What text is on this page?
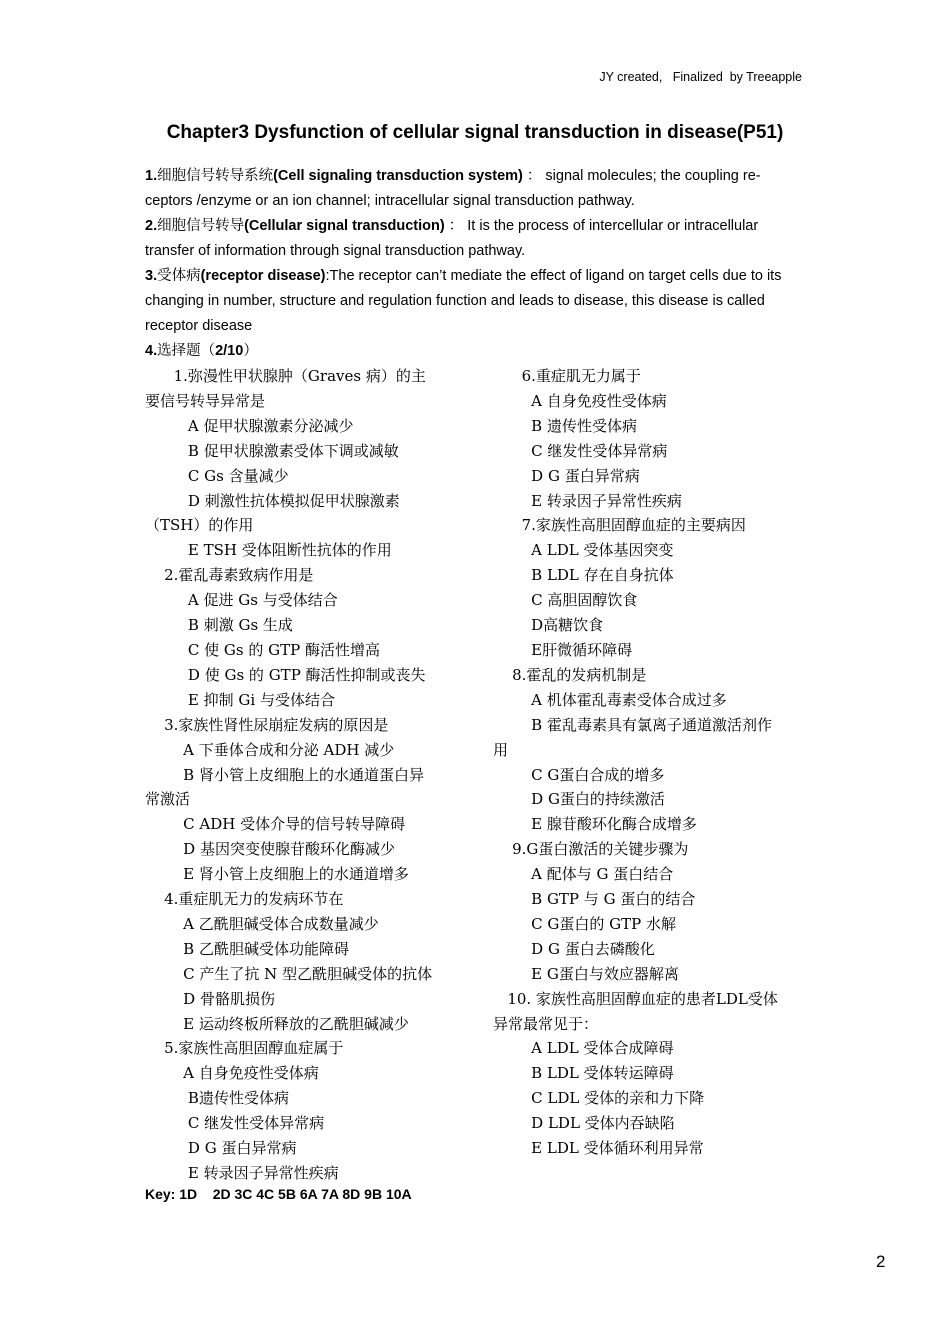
JY created,   Finalized  by Treeapple
Chapter3 Dysfunction of cellular signal transduction in disease(P51)
1.细胞信号转导系统(Cell signaling transduction system) ： signal molecules; the coupling re-ceptors /enzyme or an ion channel; intracellular signal transduction pathway.
2.细胞信号转导(Cellular signal transduction) ： It is the process of intercellular or intracellular transfer of information through signal transduction pathway.
3.受体病(receptor disease):The receptor can’t mediate the effect of ligand on target cells due to its changing in number, structure and regulation function and leads to disease, this disease is called receptor disease
4.选择题（2/10）
1.弥漫性甲状腺肿（Graves 病）的主
要信号转导异常是
A 促甲状腺激素分泌减少
B 促甲状腺激素受体下调或减敏
C Gs 含量减少
D 刺激性抗体模拟促甲状腺激素
（TSH）的作用
E TSH 受体阻断性抗体的作用
2.霍乱毒素致病作用是
A 促进 Gs 与受体结合
B 刺激 Gs 生成
C 使 Gs 的 GTP 酶活性增高
D 使 Gs 的 GTP 酶活性抑制或丧失
E 抑制 Gi 与受体结合
3.家族性肾性尿崩症发病的原因是
A 下垂体合成和分泌 ADH 减少
B 肾小管上皮细胞上的水通道蛋白异
常激活
C ADH 受体介导的信号转导障碍
D 基因突变使腺苷酸环化酶减少
E 肾小管上皮细胞上的水通道增多
4.重症肌无力的发病环节在
A 乙酰胆碱受体合成数量减少
B 乙酰胆碱受体功能障碍
C 产生了抗 N 型乙酰胆碱受体的抗体
D 骨骼肌损伤
E 运动终板所释放的乙酰胆碱减少
5.家族性高胆固醇血症属于
A 自身免疫性受体病
B遗传性受体病
C 继发性受体异常病
D G 蛋白异常病
E 转录因子异常性疾病
6.重症肌无力属于
A 自身免疫性受体病
B 遗传性受体病
C 继发性受体异常病
D G 蛋白异常病
E 转录因子异常性疾病
7.家族性高胆固醇血症的主要病因
A LDL 受体基因突变
B LDL 存在自身抗体
C 高胆固醇饮食
D高糖饮食
E肝微循环障碍
8.霍乱的发病机制是
A 机体霍乱毒素受体合成过多
B 霍乱毒素具有氯离子通道激活剂作
用
C G蛋白合成的增多
D G蛋白的持续激活
E 腺苷酸环化酶合成增多
9.G蛋白激活的关键步骤为
A 配体与 G 蛋白结合
B GTP 与 G 蛋白的结合
C G蛋白的 GTP 水解
D G 蛋白去磷酸化
E G蛋白与效应器解离
10. 家族性高胆固醇血症的患者LDL受体
异常最常见于：
A LDL 受体合成障碍
B LDL 受体转运障碍
C LDL 受体的亲和力下降
D LDL 受体内吞缺陷
E LDL 受体循环利用异常
Key: 1D    2D 3C 4C 5B 6A 7A 8D 9B 10A
2
